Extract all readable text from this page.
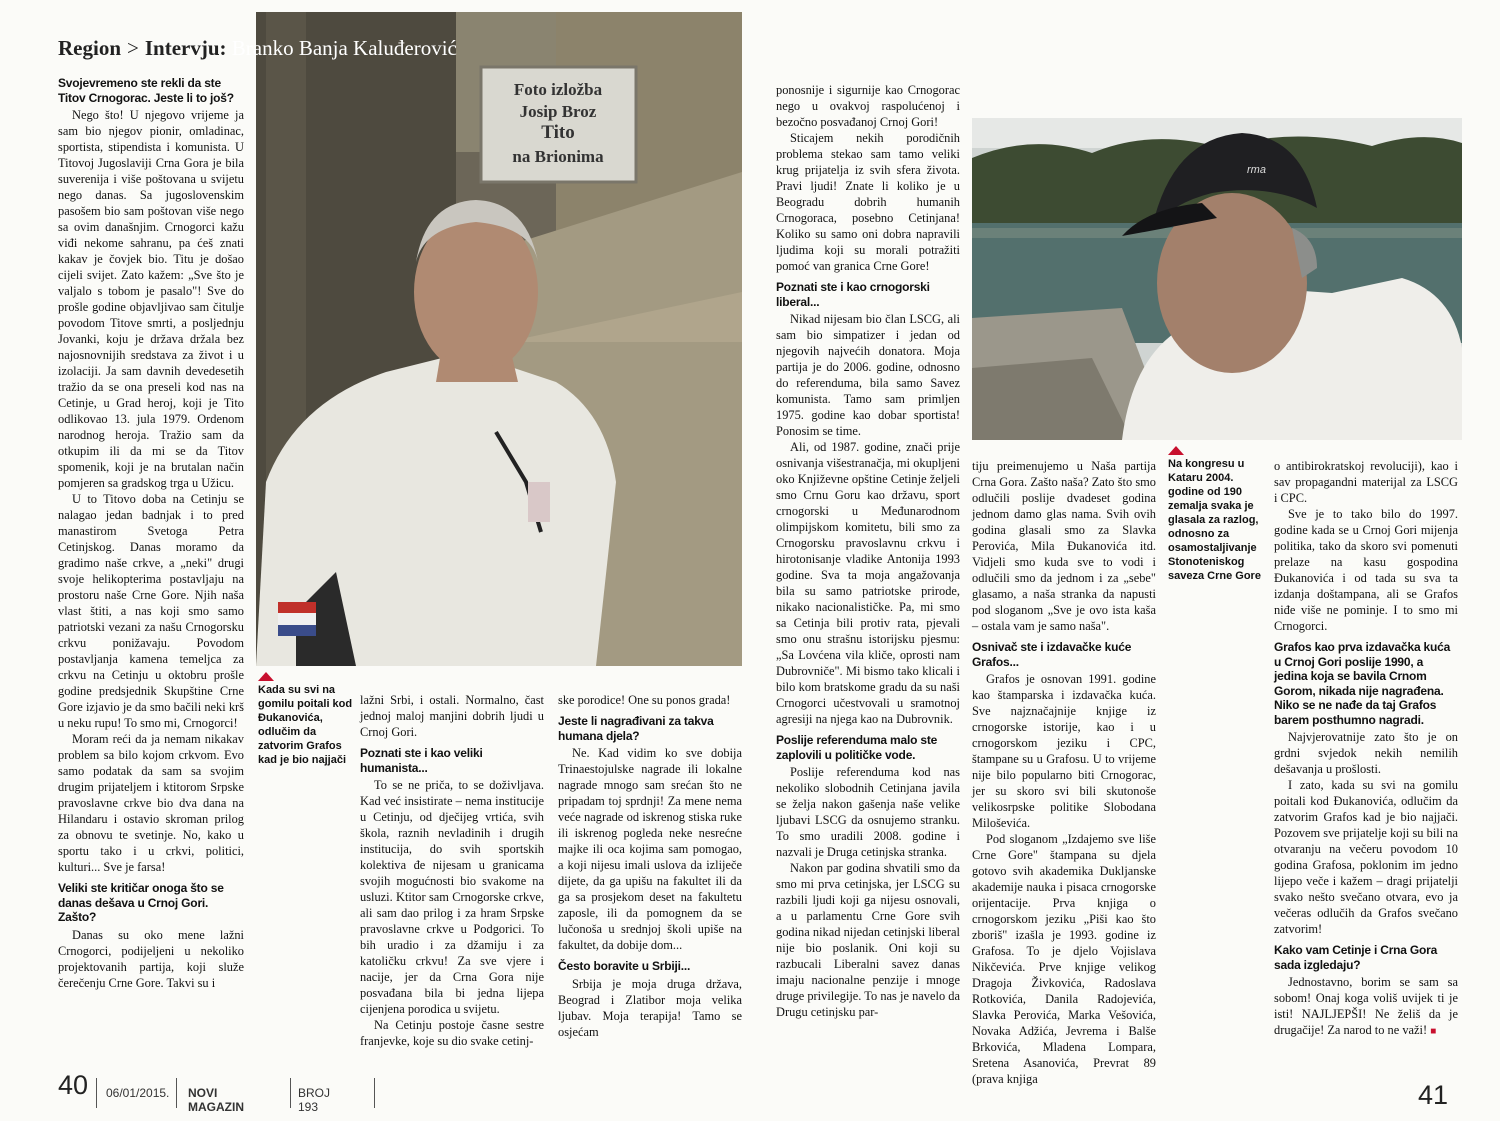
Region > Intervju: Branko Banja Kaluđerović
Foto izložba
Josip Broz
Tito
na Brionima
Kada su svi na gomilu poitali kod Đukanovića, odlučim da zatvorim Grafos kad je bio najjači
rma
Na kongresu u Kataru 2004. godine od 190 zemalja svaka je glasala za razlog, odnosno za osamostaljivanje Stonoteniskog saveza Crne Gore
Svojevremeno ste rekli da ste Titov Crnogorac. Jeste li to još?

Nego što! U njegovo vrijeme ja sam bio njegov pionir, omladinac, sportista, stipendista i komunista. U Titovoj Jugoslaviji Crna Gora je bila suverenija i više poštovana u svijetu nego danas. Sa jugoslovenskim pasošem bio sam poštovan više nego sa ovim današnjim. Crnogorci kažu viđi nekome sahranu, pa ćeš znati kakav je čovjek bio. Titu je došao cijeli svijet. Zato kažem: „Sve što je valjalo s tobom je pasalo"! Sve do prošle godine objavljivao sam čitulje povodom Titove smrti, a posljednju Jovanki, koju je država držala bez najosnovnijih sredstava za život i u izolaciji. Ja sam davnih devedesetih tražio da se ona preseli kod nas na Cetinje, u Grad heroj, koji je Tito odlikovao 13. jula 1979. Ordenom narodnog heroja. Tražio sam da otkupim ili da mi se da Titov spomenik, koji je na brutalan način pomjeren sa gradskog trga u Užicu.

U to Titovo doba na Cetinju se nalagao jedan badnjak i to pred manastirom Svetoga Petra Cetinjskog. Danas moramo da gradimo naše crkve, a „neki" drugi svoje helikopterima postavljaju na prostoru naše Crne Gore. Njih naša vlast štiti, a nas koji smo samo patriotski vezani za našu Crnogorsku crkvu ponižavaju. Povodom postavljanja kamena temeljca za crkvu na Cetinju u oktobru prošle godine predsjednik Skupštine Crne Gore izjavio je da smo bačili neki krš u neku rupu! To smo mi, Crnogorci!

Moram reći da ja nemam nikakav problem sa bilo kojom crkvom. Evo samo podatak da sam sa svojim drugim prijateljem i ktitorom Srpske pravoslavne crkve bio dva dana na Hilandaru i ostavio skroman prilog za obnovu te svetinje. No, kako u sportu tako i u crkvi, politici, kulturi... Sve je farsa!

Veliki ste kritičar onoga što se danas dešava u Crnoj Gori. Zašto?

Danas su oko mene lažni Crnogorci, podijeljeni u nekoliko projektovanih partija, koji služe čerečenju Crne Gore. Takvi su i

lažni Srbi, i ostali. Normalno, čast jednoj maloj manjini dobrih ljudi u Crnoj Gori.

Poznati ste i kao veliki humanista...

To se ne priča, to se doživljava. Kad već insistirate – nema institucije u Cetinju, od dječijeg vrtića, svih škola, raznih nevladinih i drugih institucija, do svih sportskih kolektiva đe nijesam u granicama svojih mogućnosti bio svakome na usluzi. Ktitor sam Crnogorske crkve, ali sam dao prilog i za hram Srpske pravoslavne crkve u Podgorici. To bih uradio i za džamiju i za katoličku crkvu! Za sve vjere i nacije, jer da Crna Gora nije posvađana bila bi jedna lijepa cijenjena porodica u svijetu.

Na Cetinju postoje časne sestre franjevke, koje su dio svake cetinj-

ske porodice! One su ponos grada!

Jeste li nagrađivani za takva humana djela?

Ne. Kad vidim ko sve dobija Trinaestojulske nagrade ili lokalne nagrade mnogo sam srećan što ne pripadam toj sprdnji! Za mene nema veće nagrade od iskrenog stiska ruke ili iskrenog pogleda neke nesrećne majke ili oca kojima sam pomogao, a koji nijesu imali uslova da izliječe dijete, da ga upišu na fakultet ili da ga sa prosjekom deset na fakultetu zaposle, ili da pomognem da se lučonoša u srednjoj školi upiše na fakultet, da dobije dom...

Često boravite u Srbiji...

Srbija je moja druga država, Beograd i Zlatibor moja velika ljubav. Moja terapija! Tamo se osjećam

ponosnije i sigurnije kao Crnogorac nego u ovakvoj raspolućenoj i bezočno posvađanoj Crnoj Gori!

Sticajem nekih porodičnih problema stekao sam tamo veliki krug prijatelja iz svih sfera života. Pravi ljudi! Znate li koliko je u Beogradu dobrih humanih Crnogoraca, posebno Cetinjana! Koliko su samo oni dobra napravili ljudima koji su morali potražiti pomoć van granica Crne Gore!

Poznati ste i kao crnogorski liberal...

Nikad nijesam bio član LSCG, ali sam bio simpatizer i jedan od njegovih najvećih donatora. Moja partija je do 2006. godine, odnosno do referenduma, bila samo Savez komunista. Tamo sam primljen 1975. godine kao dobar sportista! Ponosim se time.

Ali, od 1987. godine, znači prije osnivanja višestranačja, mi okupljeni oko Književne opštine Cetinje željeli smo Crnu Goru kao državu, sport crnogorski u Međunarodnom olimpijskom komitetu, bili smo za Crnogorsku pravoslavnu crkvu i hirotonisanje vladike Antonija 1993 godine. Sva ta moja angažovanja bila su samo patriotske prirode, nikako nacionalističke. Pa, mi smo sa Cetinja bili protiv rata, pjevali smo onu strašnu istorijsku pjesmu: „Sa Lovćena vila kliče, oprosti nam Dubrovniče". Mi bismo tako klicali i bilo kom bratskome gradu da su naši Crnogorci učestvovali u sramotnoj agresiji na njega kao na Dubrovnik.

Poslije referenduma malo ste zaplovili u političke vode.

Poslije referenduma kod nas nekoliko slobodnih Cetinjana javila se želja nakon gašenja naše velike ljubavi LSCG da osnujemo stranku. To smo uradili 2008. godine i nazvali je Druga cetinjska stranka.

Nakon par godina shvatili smo da smo mi prva cetinjska, jer LSCG su razbili ljudi koji ga nijesu osnovali, a u parlamentu Crne Gore svih godina nikad nijedan cetinjski liberal nije bio poslanik. Oni koji su razbucali Liberalni savez danas imaju nacionalne penzije i mnoge druge privilegije. To nas je navelo da Drugu cetinjsku par-

tiju preimenujemo u Naša partija Crna Gora. Zašto naša? Zato što smo odlučili poslije dvadeset godina jednom damo glas nama. Svih ovih godina glasali smo za Slavka Perovića, Mila Đukanovića itd. Vidjeli smo kuda sve to vodi i odlučili smo da jednom i za „sebe" glasamo, a naša stranka da napusti pod sloganom „Sve je ovo ista kaša – ostala vam je samo naša".

Osnivač ste i izdavačke kuće Grafos...

Grafos je osnovan 1991. godine kao štamparska i izdavačka kuća. Sve najznačajnije knjige iz crnogorske istorije, kao i u crnogorskom jeziku i CPC, štampane su u Grafosu. U to vrijeme nije bilo popularno biti Crnogorac, jer su skoro svi bili skutonoše velikosrpske politike Slobodana Miloševića.

Pod sloganom „Izdajemo sve liše Crne Gore" štampana su djela gotovo svih akademika Dukljanske akademije nauka i pisaca crnogorske orijentacije. Prva knjiga o crnogorskom jeziku „Piši kao što zboriš" izašla je 1993. godine iz Grafosa. To je djelo Vojislava Nikčevića. Prve knjige velikog Dragoja Živkovića, Radoslava Rotkovića, Danila Radojevića, Slavka Perovića, Marka Vešovića, Novaka Adžića, Jevrema i Balše Brkovića, Mladena Lompara, Sretena Asanovića, Prevrat 89 (prava knjiga

o antibirokratskoj revoluciji), kao i sav propagandni materijal za LSCG i CPC.

Sve je to tako bilo do 1997. godine kada se u Crnoj Gori mijenja politika, tako da skoro svi pomenuti prelaze na kasu gospodina Đukanovića i od tada su sva ta izdanja doštampana, ali se Grafos niđe više ne pominje. I to smo mi Crnogorci.

Grafos kao prva izdavačka kuća u Crnoj Gori poslije 1990, a jedina koja se bavila Crnom Gorom, nikada nije nagrađena. Niko se ne nađe da taj Grafos barem posthumno nagradi.

Najvjerovatnije zato što je on grdni svjedok nekih nemilih dešavanja u prošlosti.

I zato, kada su svi na gomilu poitali kod Đukanovića, odlučim da zatvorim Grafos kad je bio najjači. Pozovem sve prijatelje koji su bili na otvaranju na večeru povodom 10 godina Grafosa, poklonim im jedno lijepo veče i kažem – dragi prijatelji svako nešto svečano otvara, evo ja večeras odlučih da Grafos svečano zatvorim!

Kako vam Cetinje i Crna Gora sada izgledaju?

Jednostavno, borim se sam sa sobom! Onaj koga voliš uvijek ti je isti! NAJLJEPŠI! Ne želiš da je drugačije! Za narod to ne važi! ■

40 06/01/2015. NOVI MAGAZIN
BROJ 193	41
